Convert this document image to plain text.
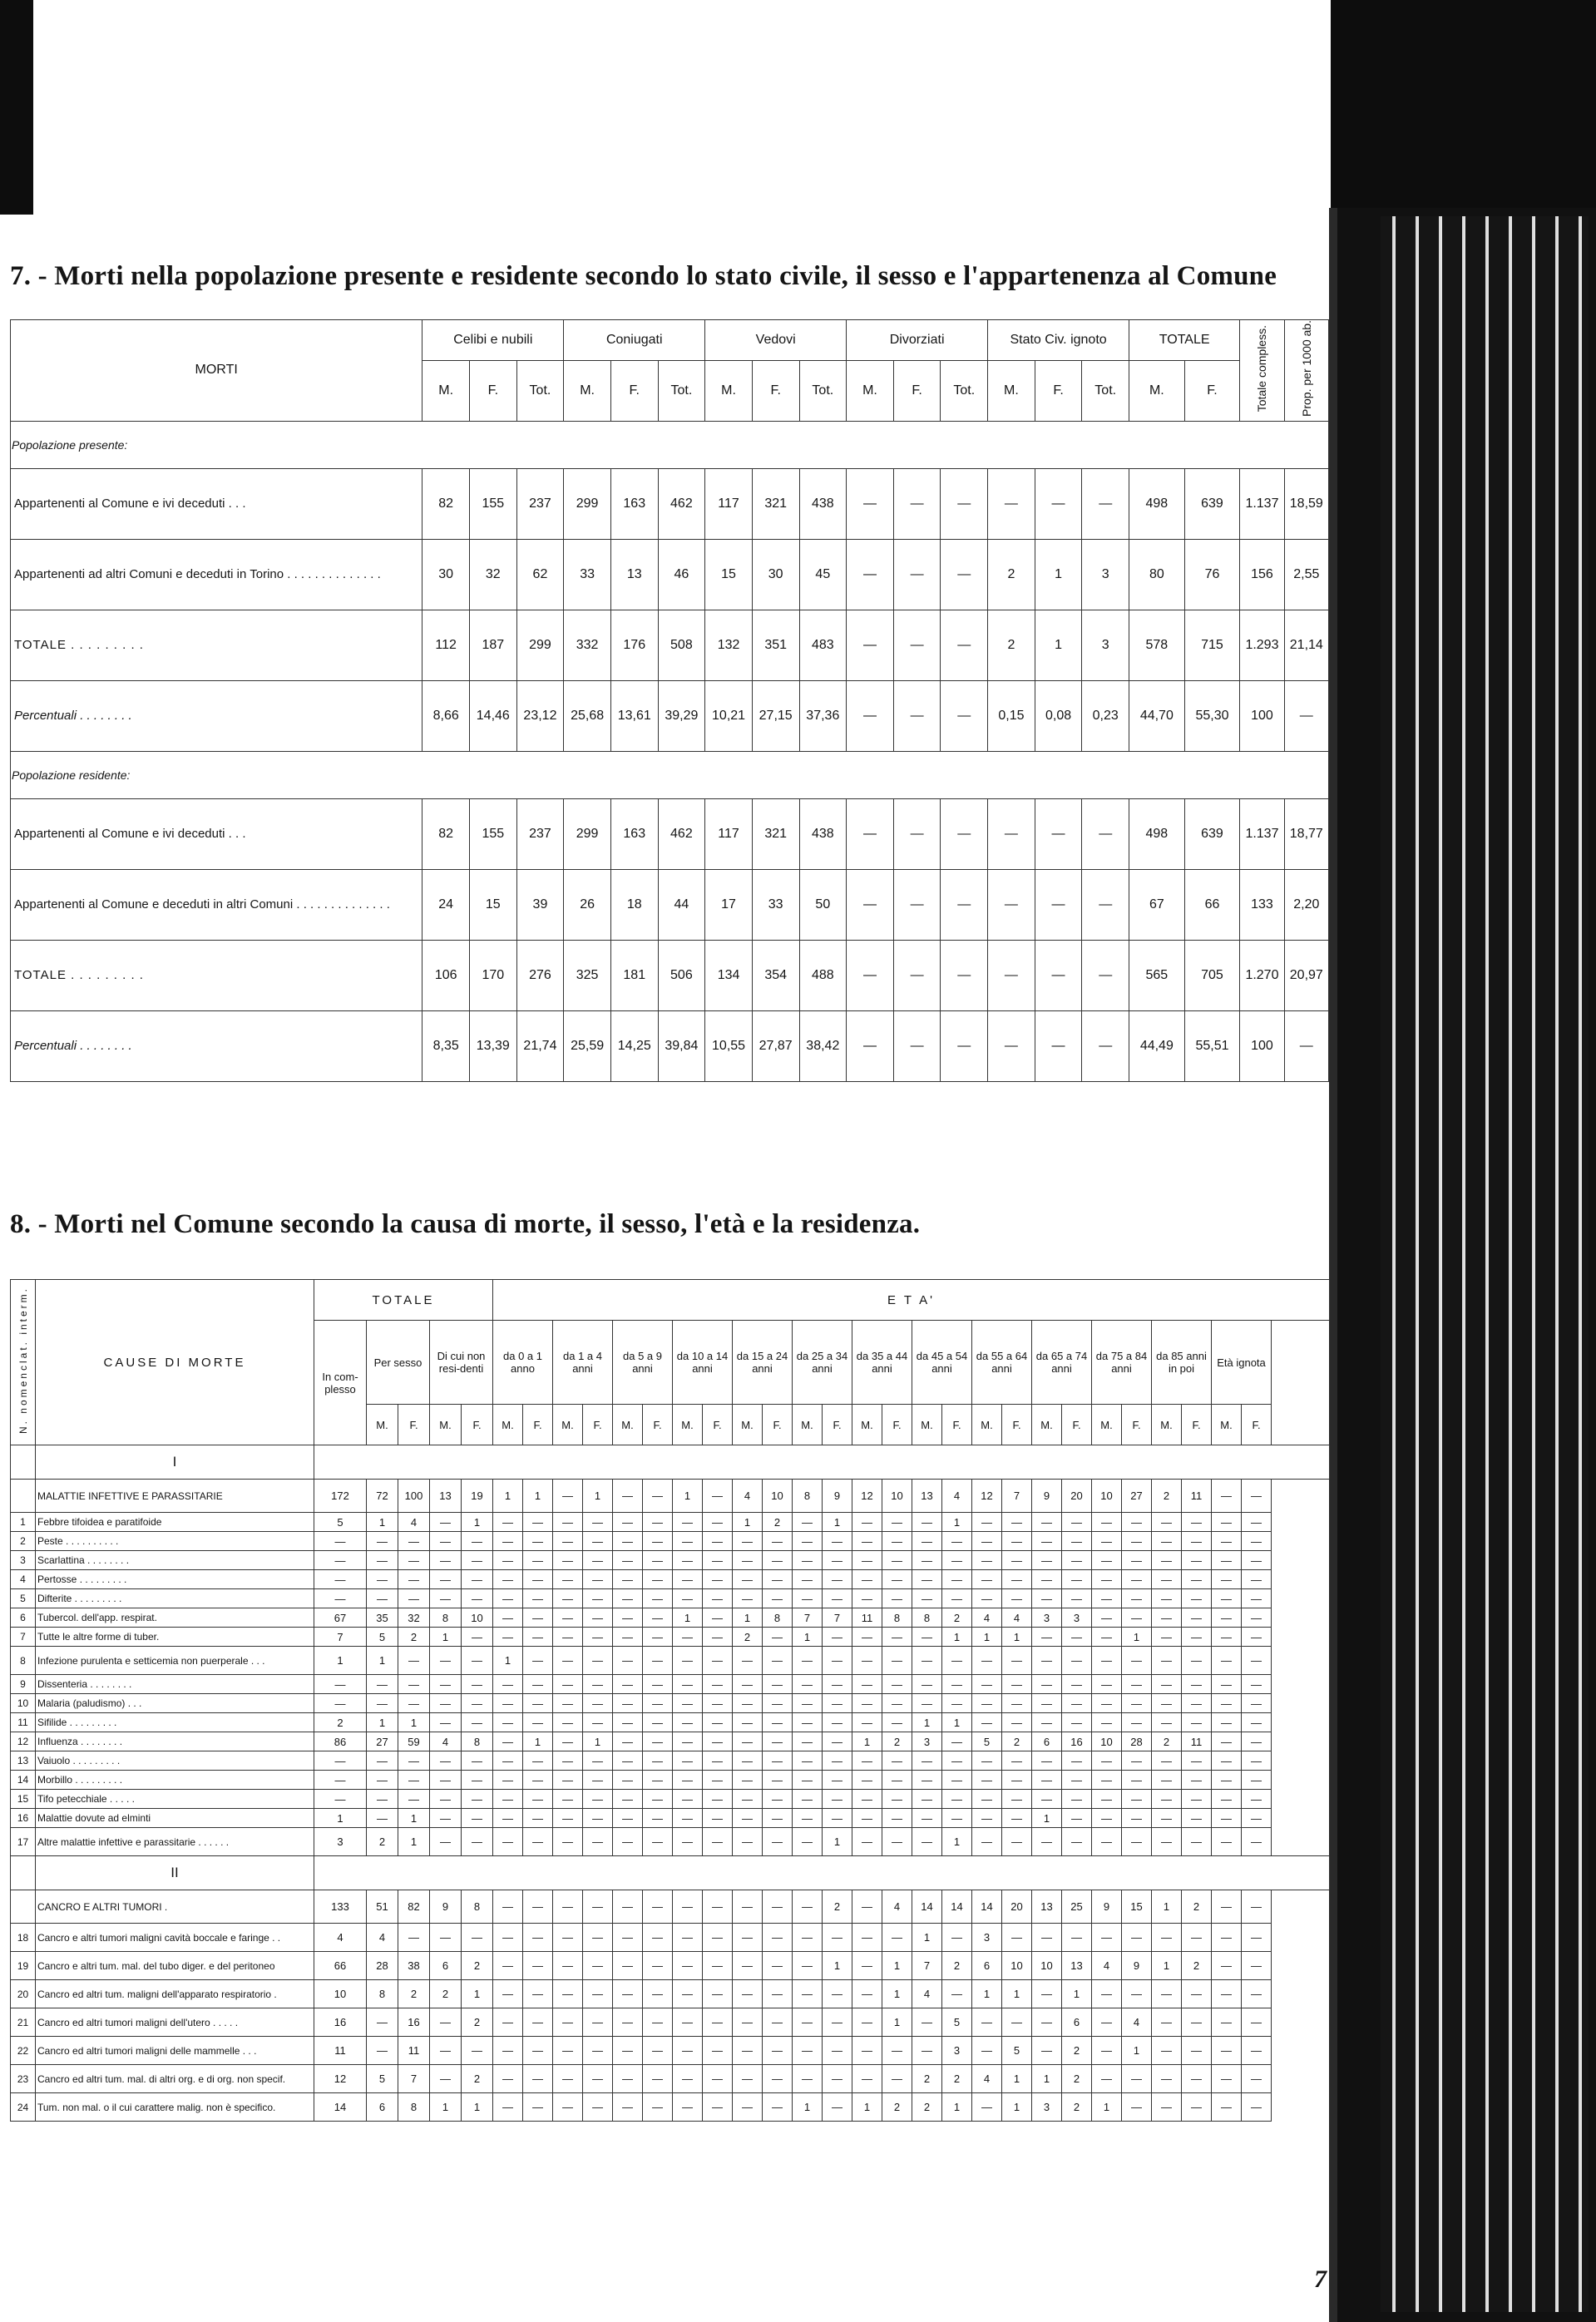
7. - Morti nella popolazione presente e residente secondo lo stato civile, il sesso e l'appartenenza al Comune
MORTI	Celibi e nubili			Coniugati			Vedovi			Divorziati			Stato Civ. ignoto			TOTALE		Totale compless.	Prop. per 1000 ab.
	M.	F.	Tot.	M.	F.	Tot.	M.	F.	Tot.	M.	F.	Tot.	M.	F.	Tot.	M.	F.		
Popolazione presente:																			
Appartenenti al Comune e ivi deceduti . . .	82	155	237	299	163	462	117	321	438	—	—	—	—	—	—	498	639	1.137	18,59
Appartenenti ad altri Comuni e deceduti in Torino . . . . . . . . . . . . . .	30	32	62	33	13	46	15	30	45	—	—	—	2	1	3	80	76	156	2,55
TOTALE . . . . . . . . .	112	187	299	332	176	508	132	351	483	—	—	—	2	1	3	578	715	1.293	21,14
Percentuali . . . . . . . .	8,66	14,46	23,12	25,68	13,61	39,29	10,21	27,15	37,36	—	—	—	0,15	0,08	0,23	44,70	55,30	100	—
Popolazione residente:																			
Appartenenti al Comune e ivi deceduti . . .	82	155	237	299	163	462	117	321	438	—	—	—	—	—	—	498	639	1.137	18,77
Appartenenti al Comune e deceduti in altri Comuni . . . . . . . . . . . . . .	24	15	39	26	18	44	17	33	50	—	—	—	—	—	—	67	66	133	2,20
TOTALE . . . . . . . . .	106	170	276	325	181	506	134	354	488	—	—	—	—	—	—	565	705	1.270	20,97
Percentuali . . . . . . . .	8,35	13,39	21,74	25,59	14,25	39,84	10,55	27,87	38,42	—	—	—	—	—	—	44,49	55,51	100	—
8. - Morti nel Comune secondo la causa di morte, il sesso, l'età e la residenza.
N. nomenclat. interm.	CAUSE DI MORTE	TOTALE					E T A'																									
		In com-plesso	Per sesso		Di cui non resi-denti		da 0 a 1 anno		da 1 a 4 anni		da 5 a 9 anni		da 10 a 14 anni		da 15 a 24 anni		da 25 a 34 anni		da 35 a 44 anni		da 45 a 54 anni		da 55 a 64 anni		da 65 a 74 anni		da 75 a 84 anni		da 85 anni in poi		Età ignota	
			M.	F.	M.	F.	M.	F.	M.	F.	M.	F.	M.	F.	M.	F.	M.	F.	M.	F.	M.	F.	M.	F.	M.	F.	M.	F.	M.	F.	M.	F.
	I																															
	MALATTIE INFETTIVE E PARASSITARIE	172	72	100	13	19	1	1	—	1	—	—	1	—	4	10	8	9	12	10	13	4	12	7	9	20	10	27	2	11	—	—
1	Febbre tifoidea e paratifoide	5	1	4	—	1	—	—	—	—	—	—	—	—	1	2	—	1	—	—	—	1	—	—	—	—	—	—	—	—	—	—
2	Peste . . . . . . . . . .	—	—	—	—	—	—	—	—	—	—	—	—	—	—	—	—	—	—	—	—	—	—	—	—	—	—	—	—	—	—	—
3	Scarlattina . . . . . . . .	—	—	—	—	—	—	—	—	—	—	—	—	—	—	—	—	—	—	—	—	—	—	—	—	—	—	—	—	—	—	—
4	Pertosse . . . . . . . . .	—	—	—	—	—	—	—	—	—	—	—	—	—	—	—	—	—	—	—	—	—	—	—	—	—	—	—	—	—	—	—
5	Difterite . . . . . . . . .	—	—	—	—	—	—	—	—	—	—	—	—	—	—	—	—	—	—	—	—	—	—	—	—	—	—	—	—	—	—	—
6	Tubercol. dell'app. respirat.	67	35	32	8	10	—	—	—	—	—	—	1	—	1	8	7	7	11	8	8	2	4	4	3	3	—	—	—	—	—	—
7	Tutte le altre forme di tuber.	7	5	2	1	—	—	—	—	—	—	—	—	—	2	—	1	—	—	—	—	1	1	1	—	—	—	1	—	—	—	—
8	Infezione purulenta e setticemia non puerperale . . .	1	1	—	—	—	1	—	—	—	—	—	—	—	—	—	—	—	—	—	—	—	—	—	—	—	—	—	—	—	—	—
9	Dissenteria . . . . . . . .	—	—	—	—	—	—	—	—	—	—	—	—	—	—	—	—	—	—	—	—	—	—	—	—	—	—	—	—	—	—	—
10	Malaria (paludismo) . . .	—	—	—	—	—	—	—	—	—	—	—	—	—	—	—	—	—	—	—	—	—	—	—	—	—	—	—	—	—	—	—
11	Sifilide . . . . . . . . .	2	1	1	—	—	—	—	—	—	—	—	—	—	—	—	—	—	—	—	1	1	—	—	—	—	—	—	—	—	—	—
12	Influenza . . . . . . . .	86	27	59	4	8	—	1	—	1	—	—	—	—	—	—	—	—	1	2	3	—	5	2	6	16	10	28	2	11	—	—
13	Vaiuolo . . . . . . . . .	—	—	—	—	—	—	—	—	—	—	—	—	—	—	—	—	—	—	—	—	—	—	—	—	—	—	—	—	—	—	—
14	Morbillo . . . . . . . . .	—	—	—	—	—	—	—	—	—	—	—	—	—	—	—	—	—	—	—	—	—	—	—	—	—	—	—	—	—	—	—
15	Tifo petecchiale . . . . .	—	—	—	—	—	—	—	—	—	—	—	—	—	—	—	—	—	—	—	—	—	—	—	—	—	—	—	—	—	—	—
16	Malattie dovute ad elminti	1	—	1	—	—	—	—	—	—	—	—	—	—	—	—	—	—	—	—	—	—	—	—	1	—	—	—	—	—	—	—
17	Altre malattie infettive e parassitarie . . . . . .	3	2	1	—	—	—	—	—	—	—	—	—	—	—	—	—	1	—	—	—	1	—	—	—	—	—	—	—	—	—	—
	II																															
	CANCRO E ALTRI TUMORI .	133	51	82	9	8	—	—	—	—	—	—	—	—	—	—	—	2	—	4	14	14	14	20	13	25	9	15	1	2	—	—
18	Cancro e altri tumori maligni cavità boccale e faringe . .	4	4	—	—	—	—	—	—	—	—	—	—	—	—	—	—	—	—	—	1	—	3	—	—	—	—	—	—	—	—	—
19	Cancro e altri tum. mal. del tubo diger. e del peritoneo	66	28	38	6	2	—	—	—	—	—	—	—	—	—	—	—	1	—	1	7	2	6	10	10	13	4	9	1	2	—	—
20	Cancro ed altri tum. maligni dell'apparato respiratorio .	10	8	2	2	1	—	—	—	—	—	—	—	—	—	—	—	—	—	1	4	—	1	1	—	1	—	—	—	—	—	—
21	Cancro ed altri tumori maligni dell'utero . . . . .	16	—	16	—	2	—	—	—	—	—	—	—	—	—	—	—	—	—	1	—	5	—	—	—	6	—	4	—	—	—	—
22	Cancro ed altri tumori maligni delle mammelle . . .	11	—	11	—	—	—	—	—	—	—	—	—	—	—	—	—	—	—	—	—	3	—	5	—	2	—	1	—	—	—	—
23	Cancro ed altri tum. mal. di altri org. e di org. non specif.	12	5	7	—	2	—	—	—	—	—	—	—	—	—	—	—	—	—	—	2	2	4	1	1	2	—	—	—	—	—	—
24	Tum. non mal. o il cui carattere malig. non è specifico.	14	6	8	1	1	—	—	—	—	—	—	—	—	—	—	1	—	1	2	2	1	—	1	3	2	1	—	—	—	—	—
7
